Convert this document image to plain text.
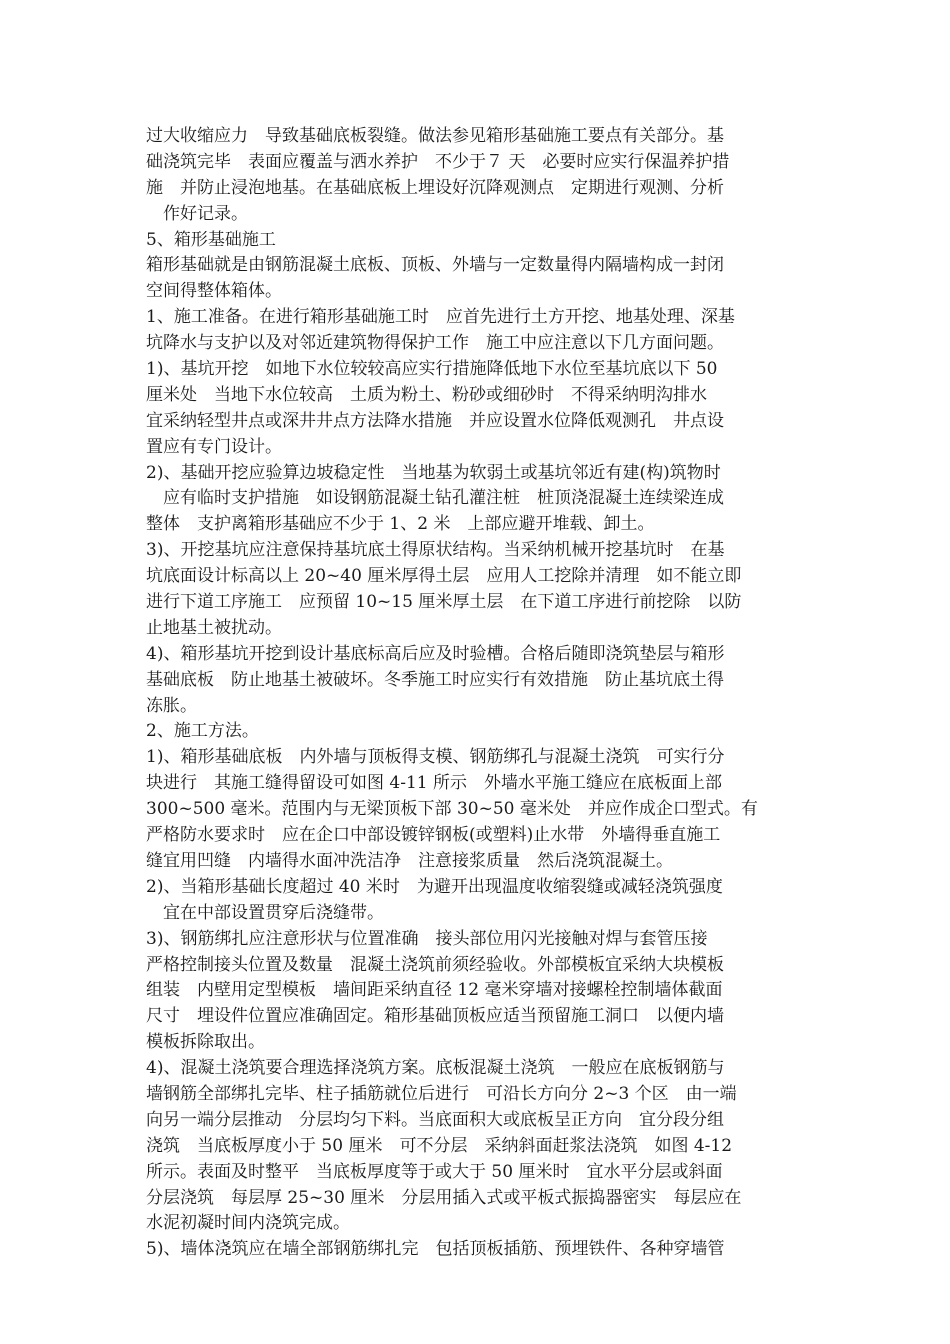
过大收缩应力　导致基础底板裂缝。做法参见箱形基础施工要点有关部分。基
础浇筑完毕　表面应覆盖与洒水养护　不少于７ 天　必要时应实行保温养护措
施　并防止浸泡地基。在基础底板上埋设好沉降观测点　定期进行观测、分析
　作好记录。
5、箱形基础施工
箱形基础就是由钢筋混凝土底板、顶板、外墙与一定数量得内隔墙构成一封闭
空间得整体箱体。
1、施工准备。在进行箱形基础施工时　应首先进行土方开挖、地基处理、深基
坑降水与支护以及对邻近建筑物得保护工作　施工中应注意以下几方面问题。
1)、基坑开挖　如地下水位较较高应实行措施降低地下水位至基坑底以下 50
厘米处　当地下水位较高　土质为粉土、粉砂或细砂时　不得采纳明沟排水
宜采纳轻型井点或深井井点方法降水措施　并应设置水位降低观测孔　井点设
置应有专门设计。
2)、基础开挖应验算边坡稳定性　当地基为软弱土或基坑邻近有建(构)筑物时
　应有临时支护措施　如设钢筋混凝土钻孔灌注桩　桩顶浇混凝土连续梁连成
整体　支护离箱形基础应不少于 1、2 米　上部应避开堆载、卸土。
3)、开挖基坑应注意保持基坑底土得原状结构。当采纳机械开挖基坑时　在基
坑底面设计标高以上 20~40 厘米厚得土层　应用人工挖除并清理　如不能立即
进行下道工序施工　应预留 10~15 厘米厚土层　在下道工序进行前挖除　以防
止地基土被扰动。
4)、箱形基坑开挖到设计基底标高后应及时验槽。合格后随即浇筑垫层与箱形
基础底板　防止地基土被破坏。冬季施工时应实行有效措施　防止基坑底土得
冻胀。
2、施工方法。
1)、箱形基础底板　内外墙与顶板得支模、钢筋绑孔与混凝土浇筑　可实行分
块进行　其施工缝得留设可如图 4-11 所示　外墙水平施工缝应在底板面上部
300~500 毫米。范围内与无梁顶板下部 30~50 毫米处　并应作成企口型式。有
严格防水要求时　应在企口中部设镀锌钢板(或塑料)止水带　外墙得垂直施工
缝宜用凹缝　内墙得水面冲洗洁净　注意接浆质量　然后浇筑混凝土。
2)、当箱形基础长度超过 40 米时　为避开出现温度收缩裂缝或减轻浇筑强度
　宜在中部设置贯穿后浇缝带。
3)、钢筋绑扎应注意形状与位置准确　接头部位用闪光接触对焊与套管压接
严格控制接头位置及数量　混凝土浇筑前须经验收。外部模板宜采纳大块模板
组装　内壁用定型模板　墙间距采纳直径 12 毫米穿墙对接螺栓控制墙体截面
尺寸　埋设件位置应准确固定。箱形基础顶板应适当预留施工洞口　以便内墙
模板拆除取出。
4)、混凝土浇筑要合理选择浇筑方案。底板混凝土浇筑　一般应在底板钢筋与
墙钢筋全部绑扎完毕、柱子插筋就位后进行　可沿长方向分 2~3 个区　由一端
向另一端分层推动　分层均匀下料。当底面积大或底板呈正方向　宜分段分组
浇筑　当底板厚度小于 50 厘米　可不分层　采纳斜面赶浆法浇筑　如图 4-12
所示。表面及时整平　当底板厚度等于或大于 50 厘米时　宜水平分层或斜面
分层浇筑　每层厚 25~30 厘米　分层用插入式或平板式振捣器密实　每层应在
水泥初凝时间内浇筑完成。
5)、墙体浇筑应在墙全部钢筋绑扎完　包括顶板插筋、预埋铁件、各种穿墙管
